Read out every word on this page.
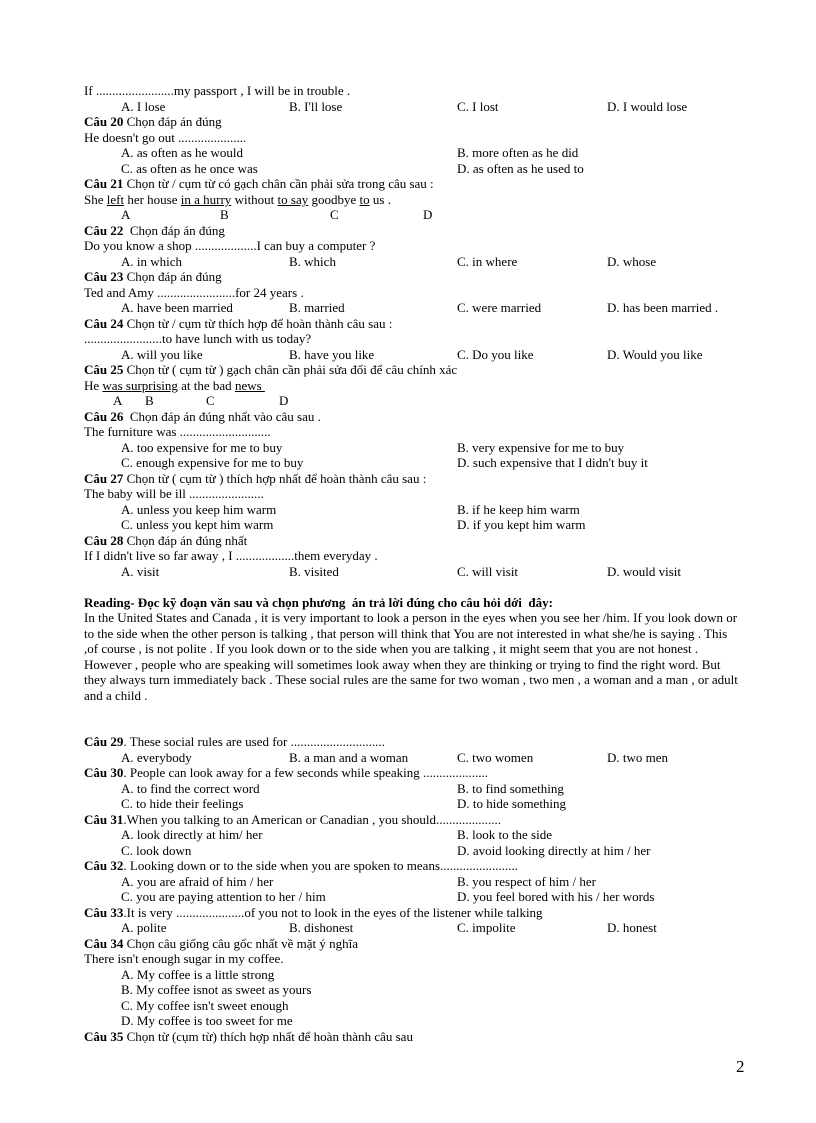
If ........................my passport , I will be in trouble .
A. I lose	B. I'll lose	C. I lost	D. I would lose
Câu 20 Chọn đáp án đúng
He doesn't go out .....................
A. as often as he would	B. more often as he did
C. as often as he once was	D. as often as he used to
Câu 21 Chọn từ / cụm từ có gạch chân cần phải sửa trong câu sau :
She left her house in a hurry without to say goodbye to us .
A	B	C	D
Câu 22  Chọn đáp án đúng
Do you know a shop ...................I can buy a computer ?
A. in which	B. which	C. in where	D. whose
Câu 23 Chọn đáp án đúng
Ted and Amy ........................for 24 years .
A. have been married	B. married	C. were married	D. has been married .
Câu 24 Chọn từ / cụm từ thích hợp để hoàn thành câu sau :
........................to have lunch with us today?
A. will you like	B. have you like	C. Do you like	D. Would you like
Câu 25 Chọn từ ( cụm từ ) gạch chân cần phải sửa đổi để câu chính xác
He was surprising at the bad news
A B	C	D
Câu 26  Chọn đáp án đúng nhất vào câu sau .
The furniture was ............................
A. too expensive for me to buy	B. very expensive for me to buy
C. enough expensive for me to buy	D. such expensive that I didn't buy it
Câu 27 Chọn từ ( cụm từ ) thích hợp nhất để hoàn thành câu sau :
The baby will be ill .......................
A. unless you keep him warm	B. if he keep him warm
C. unless you kept him warm	D. if you kept him warm
Câu 28 Chọn đáp án đúng nhất
If I didn't live so far away , I ..................them everyday .
A. visit	B. visited	C. will visit	D. would visit
Reading- Đọc kỹ đoạn văn sau và chọn phương  án trả lời đúng cho câu hỏi dới  đây:
In the United States and Canada , it is very important to look a person in the eyes when you see her /him. If you look down or to the side when the other person is talking , that person will think that You are not interested in what she/he is saying . This ,of course , is not polite . If you look down or to the side when you are talking , it might seem that you are not honest . However , people who are speaking will sometimes look away when they are thinking or trying to find the right word. But they always turn immediately back . These social rules are the same for two woman , two men , a woman and a man , or adult and a child .
Câu 29. These social rules are used for .............................
A. everybody	B. a man and a woman	C. two women	D. two men
Câu 30. People can look away for a few seconds while speaking ....................
A. to find the correct word	B. to find something
C. to hide their feelings	D. to hide something
Câu 31.When you talking to an American or Canadian , you should....................
A. look directly at him/ her	B. look to the side
C. look down	D. avoid looking directly at him / her
Câu 32. Looking down or to the side when you are spoken to means........................
A. you are afraid of him / her	B. you respect of him / her
C. you are paying attention to her / him	D. you feel bored with his / her words
Câu 33.It is very .....................of you not to look in the eyes of the listener while talking
A. polite	B. dishonest	C. impolite	D. honest
Câu 34 Chọn câu giống câu gốc nhất về mặt ý nghĩa
There isn't enough sugar in my coffee.
A. My coffee is a little strong
B. My coffee isnot as sweet as yours
C. My coffee isn't sweet enough
D. My coffee is too sweet for me
Câu 35 Chọn từ (cụm từ) thích hợp nhất để hoàn thành câu sau
2
